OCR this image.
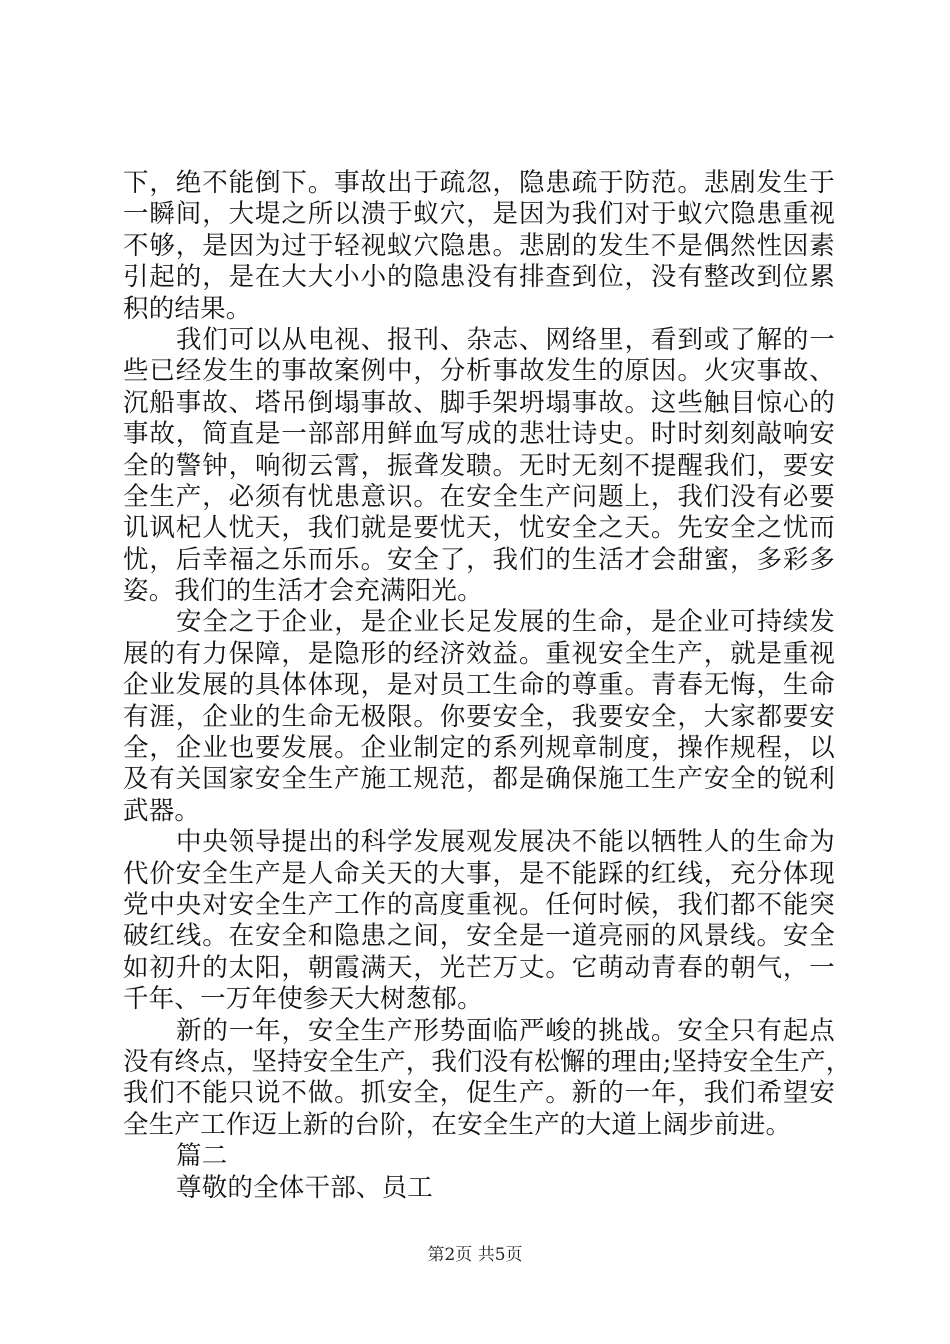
下，绝不能倒下。事故出于疏忽，隐患疏于防范。悲剧发生于
一瞬间，大堤之所以溃于蚁穴，是因为我们对于蚁穴隐患重视
不够，是因为过于轻视蚁穴隐患。悲剧的发生不是偶然性因素
引起的，是在大大小小的隐患没有排查到位，没有整改到位累
积的结果。
我们可以从电视、报刊、杂志、网络里，看到或了解的一
些已经发生的事故案例中，分析事故发生的原因。火灾事故、
沉船事故、塔吊倒塌事故、脚手架坍塌事故。这些触目惊心的
事故，简直是一部部用鲜血写成的悲壮诗史。时时刻刻敲响安
全的警钟，响彻云霄，振聋发聩。无时无刻不提醒我们，要安
全生产，必须有忧患意识。在安全生产问题上，我们没有必要
讥讽杞人忧天，我们就是要忧天，忧安全之天。先安全之忧而
忧，后幸福之乐而乐。安全了，我们的生活才会甜蜜，多彩多
姿。我们的生活才会充满阳光。
安全之于企业，是企业长足发展的生命，是企业可持续发
展的有力保障，是隐形的经济效益。重视安全生产，就是重视
企业发展的具体体现，是对员工生命的尊重。青春无悔，生命
有涯，企业的生命无极限。你要安全，我要安全，大家都要安
全，企业也要发展。企业制定的系列规章制度，操作规程，以
及有关国家安全生产施工规范，都是确保施工生产安全的锐利
武器。
中央领导提出的科学发展观发展决不能以牺牲人的生命为
代价安全生产是人命关天的大事，是不能踩的红线，充分体现
党中央对安全生产工作的高度重视。任何时候，我们都不能突
破红线。在安全和隐患之间，安全是一道亮丽的风景线。安全
如初升的太阳，朝霞满天，光芒万丈。它萌动青春的朝气，一
千年、一万年使参天大树葱郁。
新的一年，安全生产形势面临严峻的挑战。安全只有起点
没有终点，坚持安全生产，我们没有松懈的理由;坚持安全生产，
我们不能只说不做。抓安全，促生产。新的一年，我们希望安
全生产工作迈上新的台阶，在安全生产的大道上阔步前进。
篇二
尊敬的全体干部、员工
第2页 共5页
